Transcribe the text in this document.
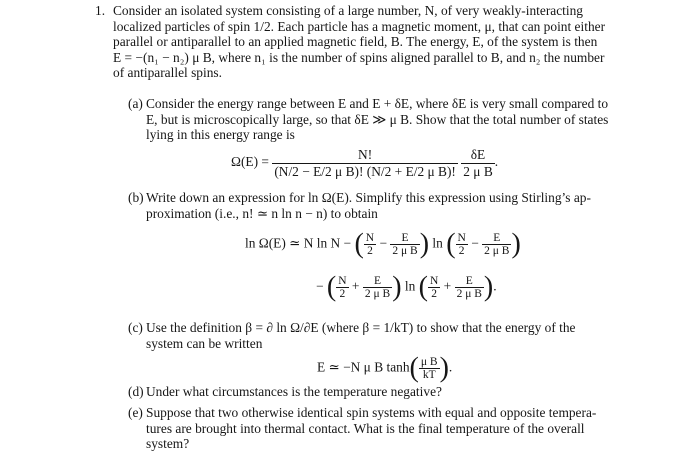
1. Consider an isolated system consisting of a large number, N, of very weakly-interacting
localized particles of spin 1/2. Each particle has a magnetic moment, μ, that can point either
parallel or antiparallel to an applied magnetic field, B. The energy, E, of the system is then
E = −(n₁ − n₂) μ B, where n₁ is the number of spins aligned parallel to B, and n₂ the number
of antiparallel spins.
(a) Consider the energy range between E and E + δE, where δE is very small compared to
E, but is microscopically large, so that δE ≫ μ B. Show that the total number of states
lying in this energy range is
$\Omega(E) = \frac{N!}{\text{(N/2 − E/2 μ B)! (N/2 + E/2 μ B)!}}$
$\frac{\delta E}{\text{2 μ B}}$ .
(b) Write down an expression for ln Ω(E). Simplify this expression using Stirling’s ap-
proximation (i.e., n! ≃ n ln n − n) to obtain
ln Ω(E) ≃ N ln N − ( $\frac{N}{2} - \frac{E}{\text{2 μ B}}$ ) ln ( $\frac{N}{2} - \frac{E}{\text{2 μ B}}$ )
− ( $\frac{N}{2} + \frac{E}{\text{2 μ B}}$ ) ln ( $\frac{N}{2} + \frac{E}{\text{2 μ B}}$ ).
(c) Use the definition β = ∂ ln Ω/∂E (where β = 1/kT) to show that the energy of the
system can be written
E ≃ −N μ B $\tanh( \frac{\text{μ B}}{kT}$ ).
(d) Under what circumstances is the temperature negative?
(e) Suppose that two otherwise identical spin systems with equal and opposite tempera-
tures are brought into thermal contact. What is the final temperature of the overall
system?
